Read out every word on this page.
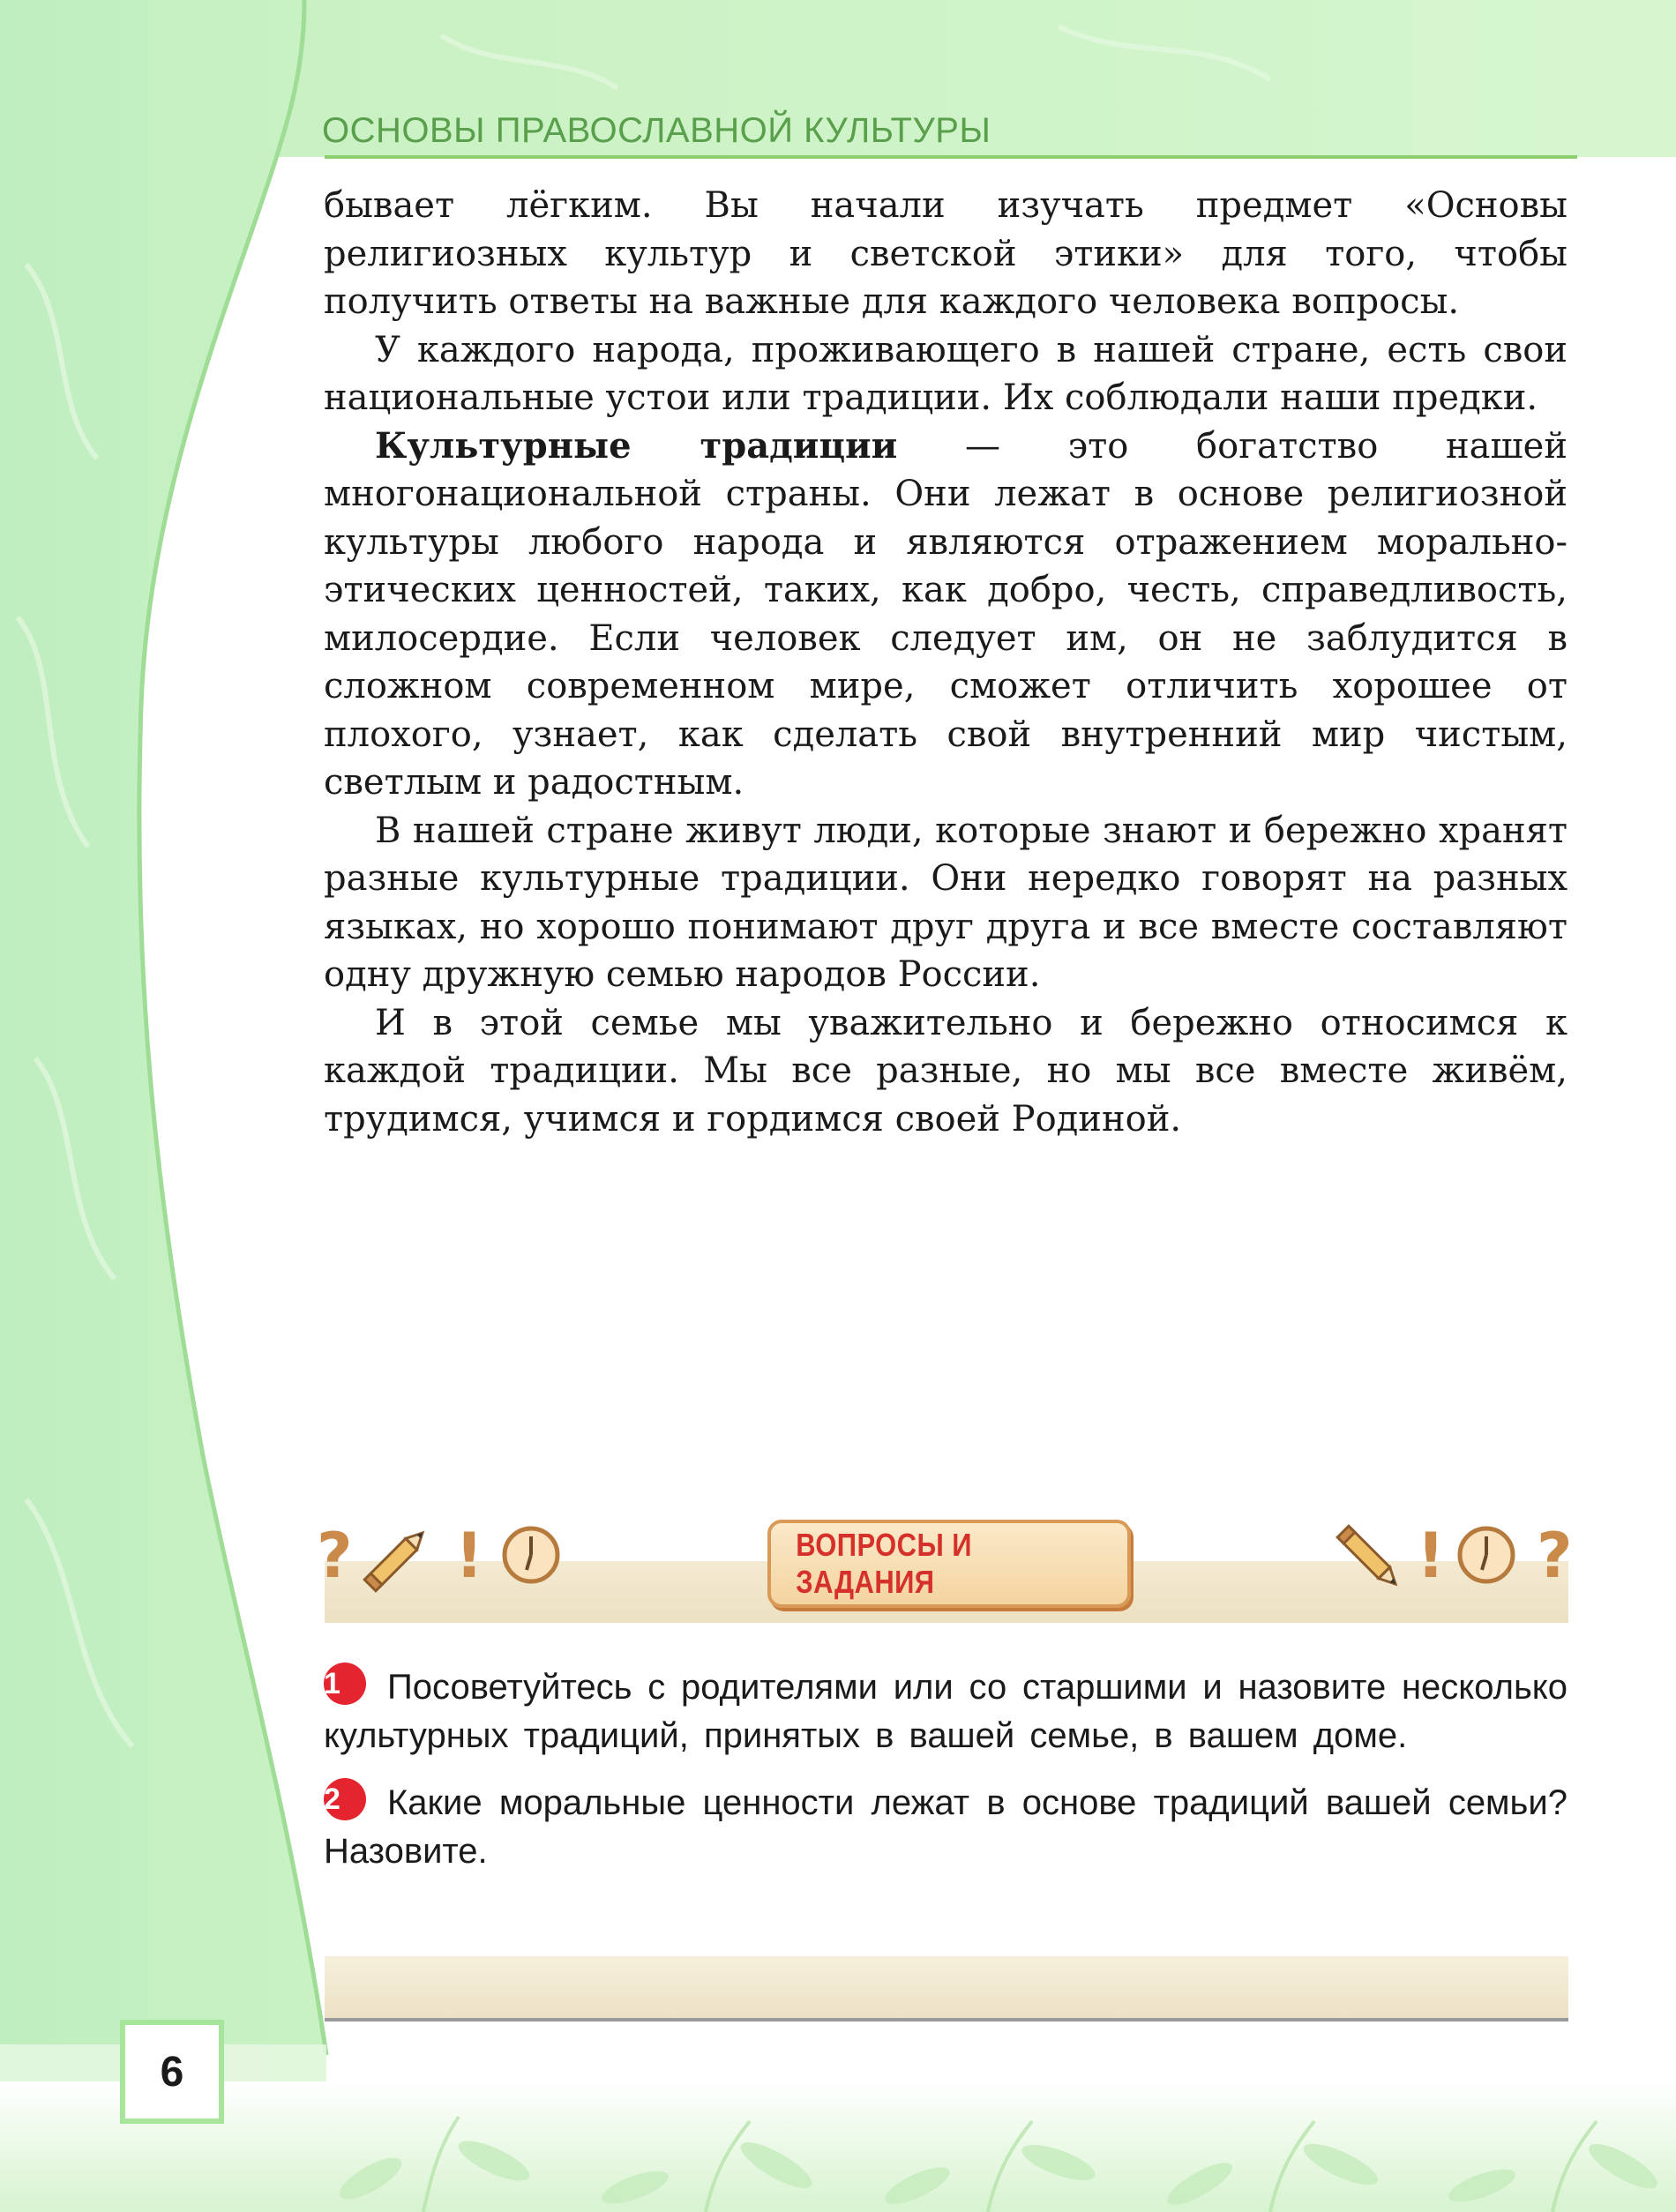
ОСНОВЫ ПРАВОСЛАВНОЙ КУЛЬТУРЫ

бывает лёгким. Вы начали изучать предмет «Основы религиозных культур и светской этики» для того, чтобы получить ответы на важные для каждого человека вопросы.

У каждого народа, проживающего в нашей стране, есть свои национальные устои или традиции. Их соблюдали наши предки.

Культурные традиции — это богатство нашей многонациональной страны. Они лежат в основе религиозной культуры любого народа и являются отражением морально-этических ценностей, таких, как добро, честь, справедливость, милосердие. Если человек следует им, он не заблудится в сложном современном мире, сможет отличить хорошее от плохого, узнает, как сделать свой внутренний мир чистым, светлым и радостным.

В нашей стране живут люди, которые знают и бережно хранят разные культурные традиции. Они нередко говорят на разных языках, но хорошо понимают друг друга и все вместе составляют одну дружную семью народов России.

И в этой семье мы уважительно и бережно относимся к каждой традиции. Мы все разные, но мы все вместе живём, трудимся, учимся и гордимся своей Родиной.

? !	ВОПРОСЫ И ЗАДАНИЯ	! ?

1 Посоветуйтесь с родителями или со старшими и назовите несколько культурных традиций, принятых в вашей семье, в вашем доме.

2 Какие моральные ценности лежат в основе традиций вашей семьи? Назовите.

6
